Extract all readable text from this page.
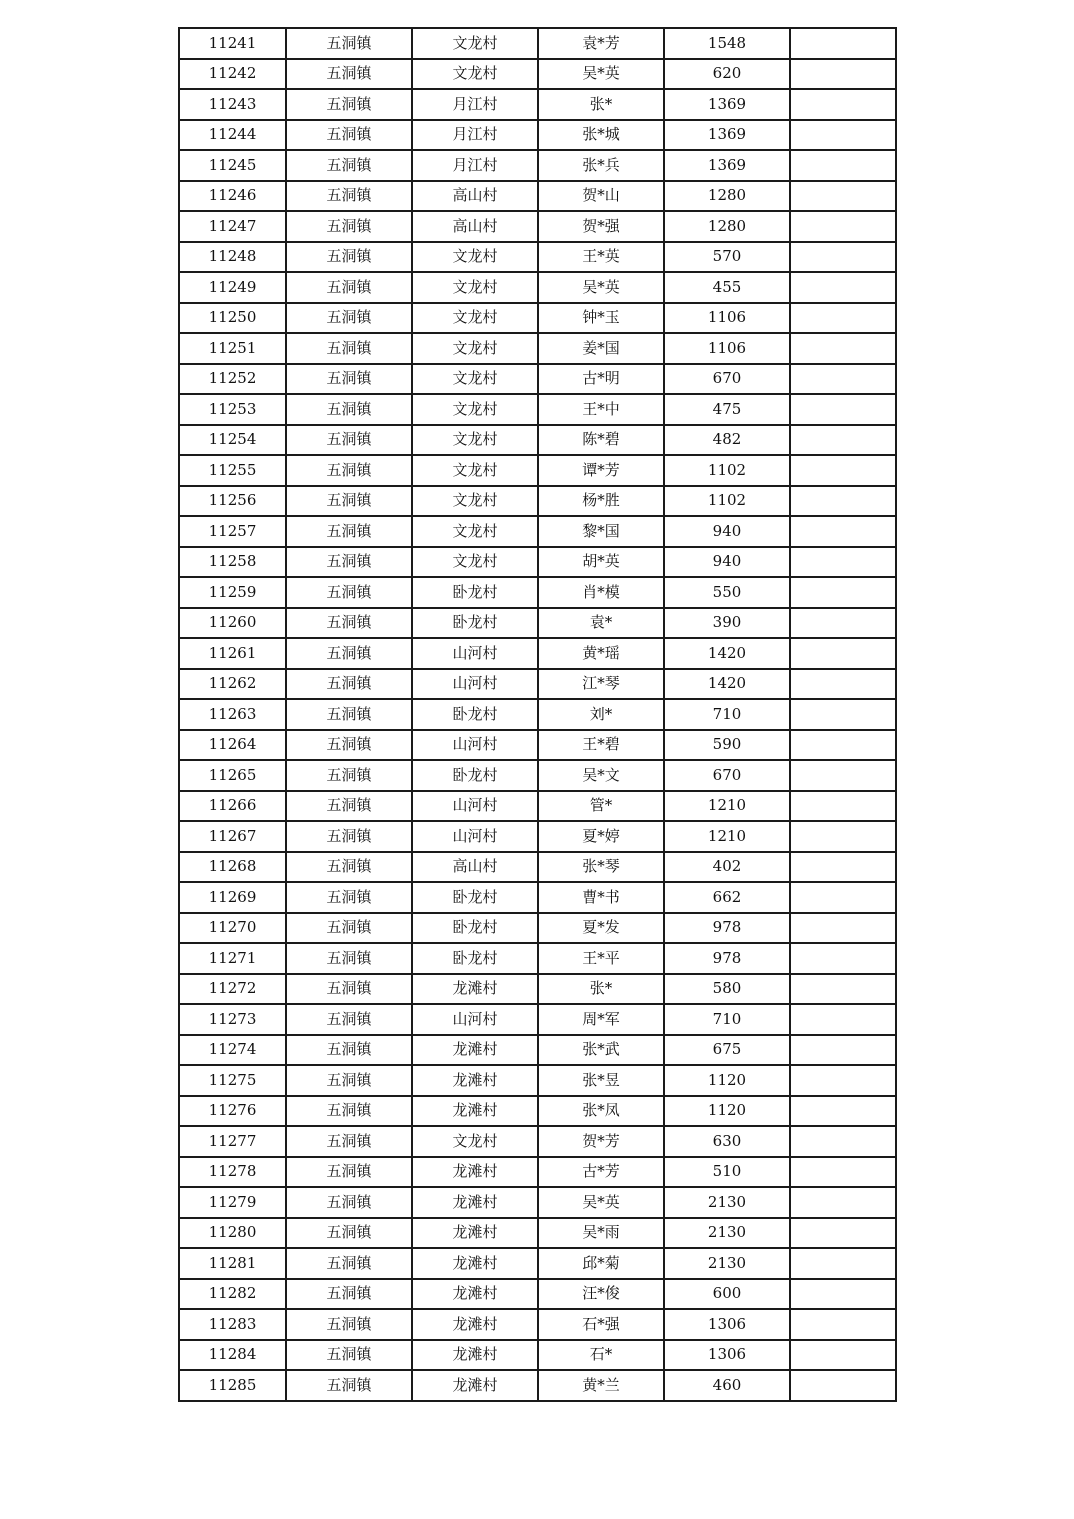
11241	五洞镇	文龙村	袁*芳	1548	
11242	五洞镇	文龙村	吴*英	620	
11243	五洞镇	月江村	张*	1369	
11244	五洞镇	月江村	张*城	1369	
11245	五洞镇	月江村	张*兵	1369	
11246	五洞镇	高山村	贺*山	1280	
11247	五洞镇	高山村	贺*强	1280	
11248	五洞镇	文龙村	王*英	570	
11249	五洞镇	文龙村	吴*英	455	
11250	五洞镇	文龙村	钟*玉	1106	
11251	五洞镇	文龙村	姜*国	1106	
11252	五洞镇	文龙村	古*明	670	
11253	五洞镇	文龙村	王*中	475	
11254	五洞镇	文龙村	陈*碧	482	
11255	五洞镇	文龙村	谭*芳	1102	
11256	五洞镇	文龙村	杨*胜	1102	
11257	五洞镇	文龙村	黎*国	940	
11258	五洞镇	文龙村	胡*英	940	
11259	五洞镇	卧龙村	肖*模	550	
11260	五洞镇	卧龙村	袁*	390	
11261	五洞镇	山河村	黄*瑶	1420	
11262	五洞镇	山河村	江*琴	1420	
11263	五洞镇	卧龙村	刘*	710	
11264	五洞镇	山河村	王*碧	590	
11265	五洞镇	卧龙村	吴*文	670	
11266	五洞镇	山河村	管*	1210	
11267	五洞镇	山河村	夏*婷	1210	
11268	五洞镇	高山村	张*琴	402	
11269	五洞镇	卧龙村	曹*书	662	
11270	五洞镇	卧龙村	夏*发	978	
11271	五洞镇	卧龙村	王*平	978	
11272	五洞镇	龙滩村	张*	580	
11273	五洞镇	山河村	周*军	710	
11274	五洞镇	龙滩村	张*武	675	
11275	五洞镇	龙滩村	张*昱	1120	
11276	五洞镇	龙滩村	张*凤	1120	
11277	五洞镇	文龙村	贺*芳	630	
11278	五洞镇	龙滩村	古*芳	510	
11279	五洞镇	龙滩村	吴*英	2130	
11280	五洞镇	龙滩村	吴*雨	2130	
11281	五洞镇	龙滩村	邱*菊	2130	
11282	五洞镇	龙滩村	汪*俊	600	
11283	五洞镇	龙滩村	石*强	1306	
11284	五洞镇	龙滩村	石*	1306	
11285	五洞镇	龙滩村	黄*兰	460	
